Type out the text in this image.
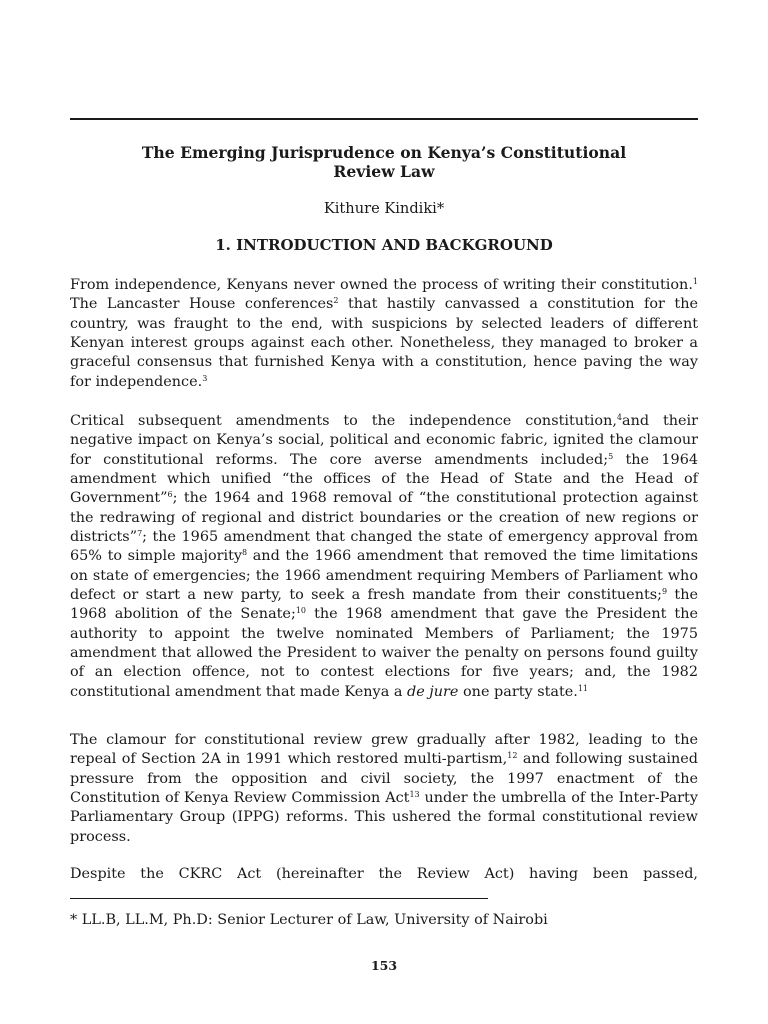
The Emerging Jurisprudence on Kenya’s Constitutional
Review Law
Kithure Kindiki*
1. INTRODUCTION AND BACKGROUND

From independence, Kenyans never owned the process of writing their constitution.$^1$ The Lancaster House conferences$^2$ that hastily canvassed a constitution for the country, was fraught to the end, with suspicions by selected leaders of different Kenyan interest groups against each other. Nonetheless, they managed to broker a graceful consensus that furnished Kenya with a constitution, hence paving the way for independence.$^3$

Critical subsequent amendments to the independence constitution,$^4$and their negative impact on Kenya’s social, political and economic fabric, ignited the clamour for constitutional reforms. The core averse amendments included;$^5$ the 1964 amendment which unified “the offices of the Head of State and the Head of Government”$^6$; the 1964 and 1968 removal of “the constitutional protection against the redrawing of regional and district boundaries or the creation of new regions or districts”$^7$; the 1965 amendment that changed the state of emergency approval from 65% to simple majority$^8$ and the 1966 amendment that removed the time limitations on state of emergencies; the 1966 amendment requiring Members of Parliament who defect or start a new party, to seek a fresh mandate from their constituents;$^9$ the 1968 abolition of the Senate;$^{10}$ the 1968 amendment that gave the President the authority to appoint the twelve nominated Members of Parliament; the 1975 amendment that allowed the President to waiver the penalty on persons found guilty of an election offence, not to contest elections for five years; and, the 1982 constitutional amendment that made Kenya a de jure one party state.$^{11}$

The clamour for constitutional review grew gradually after 1982, leading to the repeal of Section 2A in 1991 which restored multi-partism,$^{12}$ and following sustained pressure from the opposition and civil society, the 1997 enactment of the Constitution of Kenya Review Commission Act$^{13}$ under the umbrella of the Inter-Party Parliamentary Group (IPPG) reforms. This ushered the formal constitutional review process.

Despite the CKRC Act (hereinafter the Review Act) having been passed,

* LL.B, LL.M, Ph.D: Senior Lecturer of Law, University of Nairobi
153
